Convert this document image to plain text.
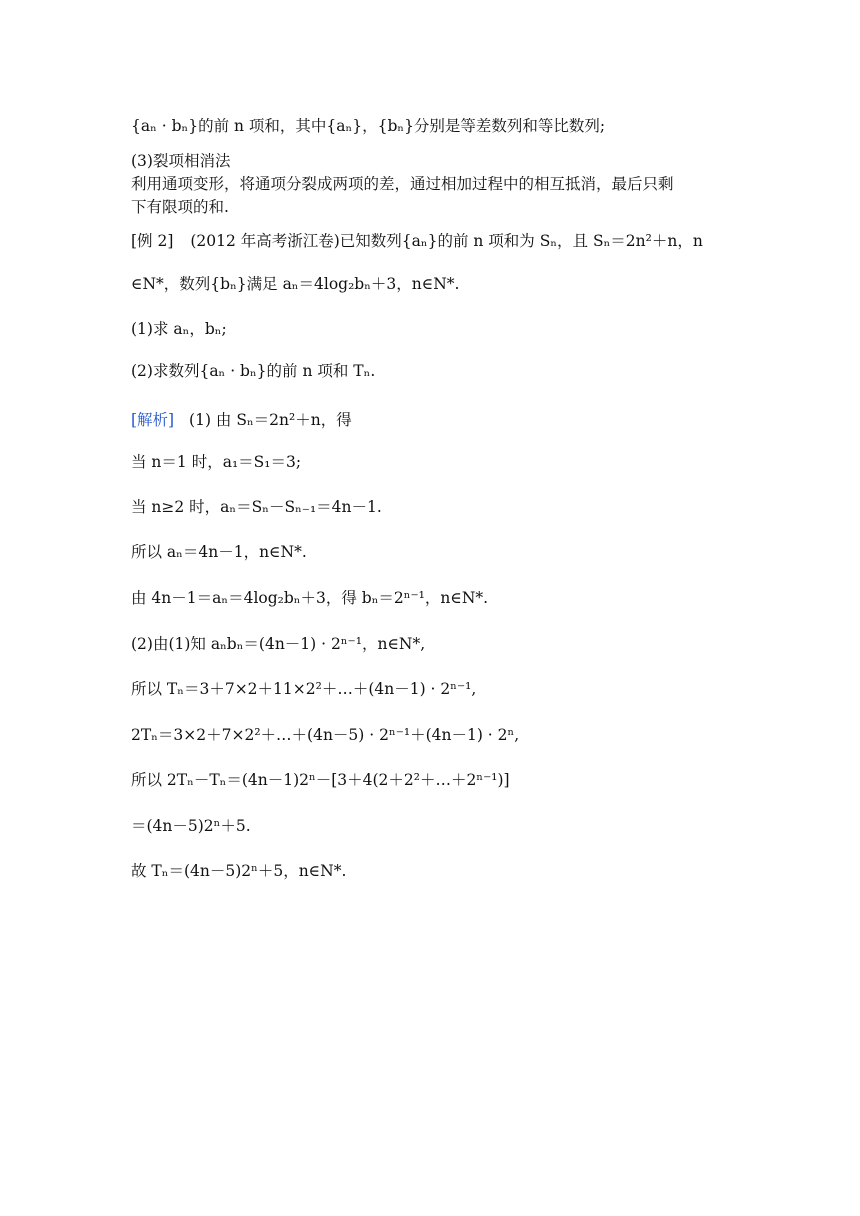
{aₙ · bₙ}的前 n 项和，其中{aₙ}，{bₙ}分别是等差数列和等比数列;
(3)裂项相消法
利用通项变形，将通项分裂成两项的差，通过相加过程中的相互抵消，最后只剩
下有限项的和.
[例 2] (2012 年高考浙江卷)已知数列{aₙ}的前 n 项和为 Sₙ，且 Sₙ＝2n²＋n，n
∈N*，数列{bₙ}满足 aₙ＝4log₂bₙ＋3，n∈N*.
(1)求 aₙ，bₙ;
(2)求数列{aₙ · bₙ}的前 n 项和 Tₙ.
[解析] (1) 由 Sₙ＝2n²＋n，得
当 n＝1 时，a₁＝S₁＝3;
当 n≥2 时，aₙ＝Sₙ－Sₙ₋₁＝4n－1.
所以 aₙ＝4n－1，n∈N*.
由 4n－1＝aₙ＝4log₂bₙ＋3，得 bₙ＝2ⁿ⁻¹，n∈N*.
(2)由(1)知 aₙbₙ＝(4n－1) · 2ⁿ⁻¹，n∈N*,
所以 Tₙ＝3＋7×2＋11×2²＋…＋(4n－1) · 2ⁿ⁻¹,
2Tₙ＝3×2＋7×2²＋…＋(4n－5) · 2ⁿ⁻¹＋(4n－1) · 2ⁿ,
所以 2Tₙ－Tₙ＝(4n－1)2ⁿ－[3＋4(2＋2²＋…＋2ⁿ⁻¹)]
＝(4n－5)2ⁿ＋5.
故 Tₙ＝(4n－5)2ⁿ＋5，n∈N*.
